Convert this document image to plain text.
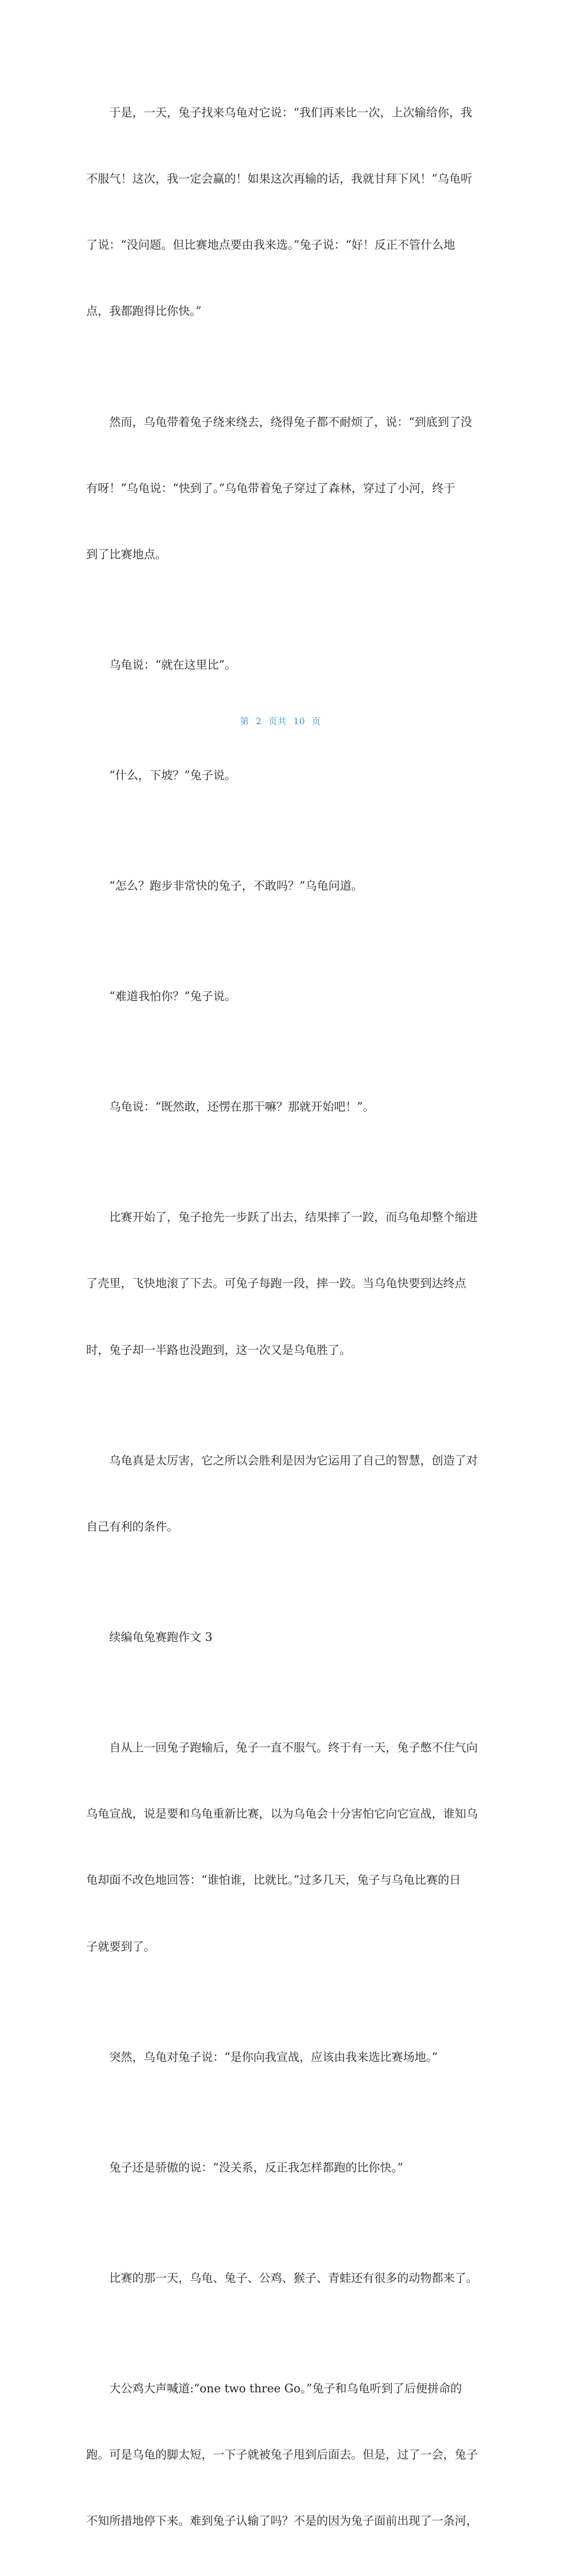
于是，一天，兔子找来乌龟对它说：“我们再来比一次，上次输给你，我

不服气！这次，我一定会赢的！如果这次再输的话，我就甘拜下风！”乌龟听

了说：“没问题。但比赛地点要由我来选。”兔子说：“好！反正不管什么地

点，我都跑得比你快。”

然而，乌龟带着兔子绕来绕去，绕得兔子都不耐烦了，说：“到底到了没

有呀！”乌龟说：“快到了。”乌龟带着兔子穿过了森林，穿过了小河，终于

到了比赛地点。

乌龟说：“就在这里比”。

“什么，下坡？”兔子说。

“怎么？跑步非常快的兔子，不敢吗？”乌龟问道。

“难道我怕你？”兔子说。

乌龟说：“既然敢，还愣在那干嘛？那就开始吧！”。

比赛开始了，兔子抢先一步跃了出去，结果摔了一跤，而乌龟却整个缩进

了壳里，飞快地滚了下去。可兔子每跑一段，摔一跤。当乌龟快要到达终点

时，兔子却一半路也没跑到，这一次又是乌龟胜了。

乌龟真是太厉害，它之所以会胜利是因为它运用了自己的智慧，创造了对

自己有利的条件。

续编龟兔赛跑作文 3

自从上一回兔子跑输后，兔子一直不服气。终于有一天，兔子憋不住气向

乌龟宣战，说是要和乌龟重新比赛，以为乌龟会十分害怕它向它宣战，谁知乌

龟却面不改色地回答：“谁怕谁，比就比。”过多几天，兔子与乌龟比赛的日

子就要到了。

突然，乌龟对兔子说：“是你向我宣战，应该由我来选比赛场地。”

兔子还是骄傲的说：“没关系，反正我怎样都跑的比你快。”

比赛的那一天，乌龟、兔子、公鸡、猴子、青蛙还有很多的动物都来了。

大公鸡大声喊道:“one two three Go。”兔子和乌龟听到了后便拼命的

跑。可是乌龟的脚太短，一下子就被兔子甩到后面去。但是，过了一会，兔子

不知所措地停下来。难到兔子认输了吗？不是的因为兔子面前出现了一条河，

第 2 页共 10 页
